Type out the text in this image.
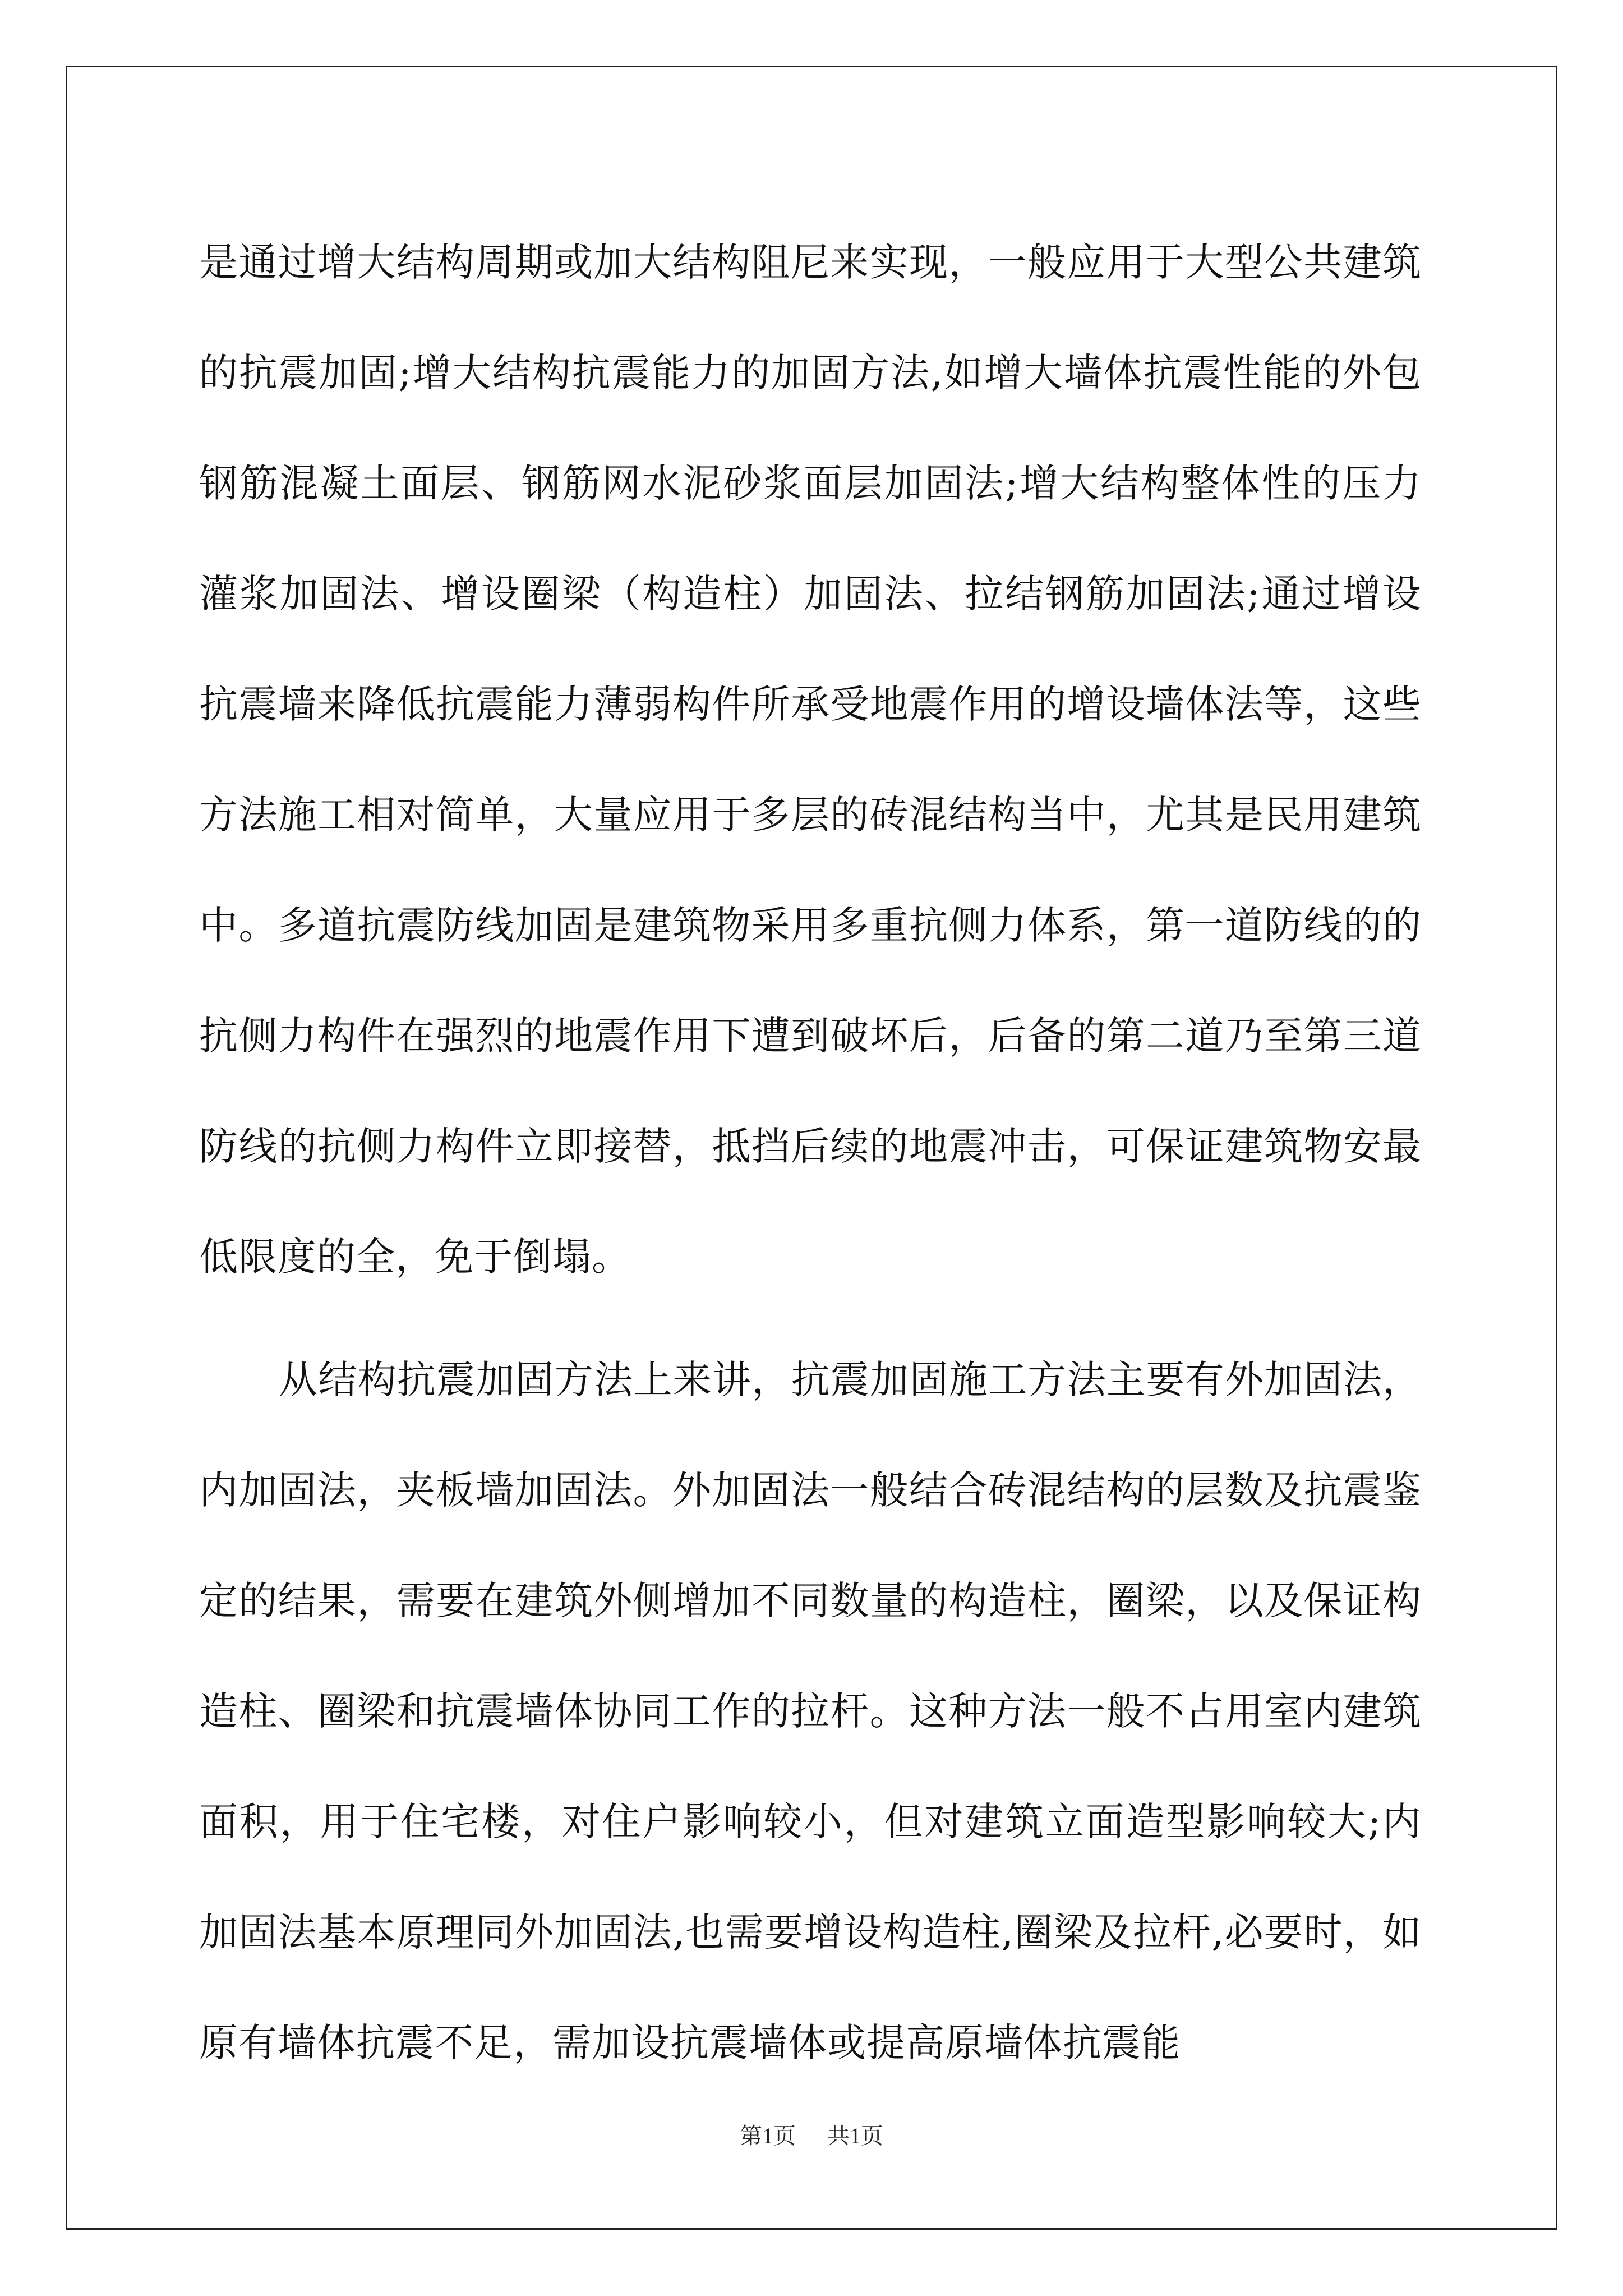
是通过增大结构周期或加大结构阻尼来实现，一般应用于大型公共建筑的抗震加固;增大结构抗震能力的加固方法,如增大墙体抗震性能的外包钢筋混凝土面层、钢筋网水泥砂浆面层加固法;增大结构整体性的压力灌浆加固法、增设圈梁（构造柱）加固法、拉结钢筋加固法;通过增设抗震墙来降低抗震能力薄弱构件所承受地震作用的增设墙体法等，这些方法施工相对简单，大量应用于多层的砖混结构当中，尤其是民用建筑中。多道抗震防线加固是建筑物采用多重抗侧力体系，第一道防线的的抗侧力构件在强烈的地震作用下遭到破坏后，后备的第二道乃至第三道防线的抗侧力构件立即接替，抵挡后续的地震冲击，可保证建筑物安最低限度的全，免于倒塌。

从结构抗震加固方法上来讲，抗震加固施工方法主要有外加固法，内加固法，夹板墙加固法。外加固法一般结合砖混结构的层数及抗震鉴定的结果，需要在建筑外侧增加不同数量的构造柱，圈梁，以及保证构造柱、圈梁和抗震墙体协同工作的拉杆。这种方法一般不占用室内建筑面积，用于住宅楼，对住户影响较小，但对建筑立面造型影响较大;内加固法基本原理同外加固法,也需要增设构造柱,圈梁及拉杆,必要时，如原有墙体抗震不足，需加设抗震墙体或提高原墙体抗震能

第1页 共1页
